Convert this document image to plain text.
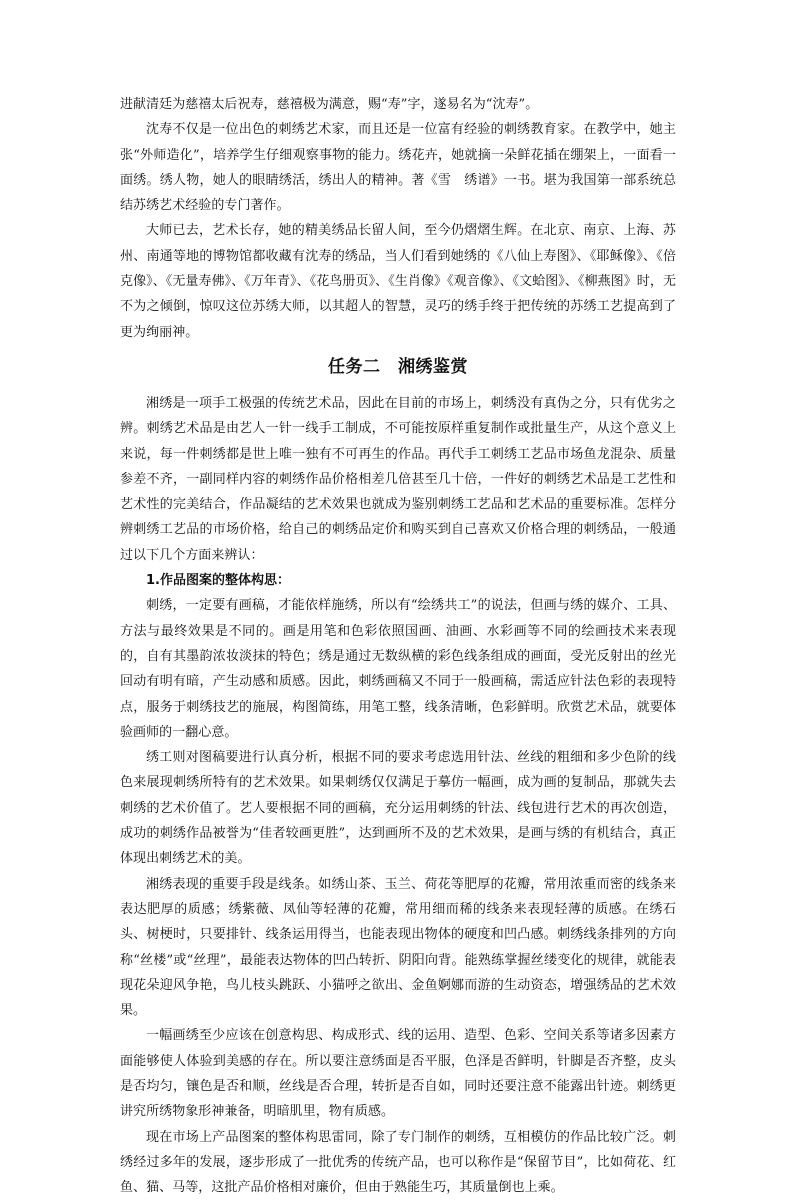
进献清廷为慈禧太后祝寿，慈禧极为满意，赐“寿”字，遂易名为“沈寿”。

沈寿不仅是一位出色的刺绣艺术家，而且还是一位富有经验的刺绣教育家。在教学中，她主张“外师造化”，培养学生仔细观察事物的能力。绣花卉，她就摘一朵鲜花插在绷架上，一面看一面绣。绣人物，她人的眼睛绣活，绣出人的精神。著《雪　绣谱》一书。堪为我国第一部系统总结苏绣艺术经验的专门著作。

大师已去，艺术长存，她的精美绣品长留人间，至今仍熠熠生辉。在北京、南京、上海、苏州、南通等地的博物馆都收藏有沈寿的绣品，当人们看到她绣的《八仙上寿图》、《耶稣像》、《倍克像》、《无量寿佛》、《万年青》、《花鸟册页》、《生肖像》《观音像》、《文蛤图》、《柳燕图》时，无不为之倾倒，惊叹这位苏绣大师，以其超人的智慧，灵巧的绣手终于把传统的苏绣工艺提高到了更为绚丽神。

任务二　湘绣鉴赏

湘绣是一项手工极强的传统艺术品，因此在目前的市场上，刺绣没有真伪之分，只有优劣之辨。刺绣艺术品是由艺人一针一线手工制成，不可能按原样重复制作或批量生产，从这个意义上来说，每一件刺绣都是世上唯一独有不可再生的作品。再代手工刺绣工艺品市场鱼龙混杂、质量参差不齐，一副同样内容的刺绣作品价格相差几倍甚至几十倍，一件好的刺绣艺术品是工艺性和艺术性的完美结合，作品凝结的艺术效果也就成为鉴别刺绣工艺品和艺术品的重要标准。怎样分辨刺绣工艺品的市场价格，给自己的刺绣品定价和购买到自己喜欢又价格合理的刺绣品，一般通过以下几个方面来辨认：

1.作品图案的整体构思：

刺绣，一定要有画稿，才能依样施绣，所以有“绘绣共工”的说法，但画与绣的媒介、工具、方法与最终效果是不同的。画是用笔和色彩依照国画、油画、水彩画等不同的绘画技术来表现的，自有其墨韵浓妆淡抹的特色；绣是通过无数纵横的彩色线条组成的画面，受光反射出的丝光回动有明有暗，产生动感和质感。因此，刺绣画稿又不同于一般画稿，需适应针法色彩的表现特点，服务于刺绣技艺的施展，构图简练，用笔工整，线条清晰，色彩鲜明。欣赏艺术品，就要体验画师的一翻心意。

绣工则对图稿要进行认真分析，根据不同的要求考虑选用针法、丝线的粗细和多少色阶的线色来展现刺绣所特有的艺术效果。如果刺绣仅仅满足于摹仿一幅画，成为画的复制品，那就失去刺绣的艺术价值了。艺人要根据不同的画稿，充分运用刺绣的针法、线包进行艺术的再次创造，成功的刺绣作品被誉为“佳者较画更胜”，达到画所不及的艺术效果，是画与绣的有机结合，真正体现出刺绣艺术的美。

湘绣表现的重要手段是线条。如绣山茶、玉兰、荷花等肥厚的花瓣，常用浓重而密的线条来表达肥厚的质感；绣紫薇、凤仙等轻薄的花瓣，常用细而稀的线条来表现轻薄的质感。在绣石头、树梗时，只要排针、线条运用得当，也能表现出物体的硬度和凹凸感。刺绣线条排列的方向称“丝楼”或“丝理”，最能表达物体的凹凸转折、阴阳向背。能熟练掌握丝缕变化的规律，就能表现花朵迎风争艳，鸟儿枝头跳跃、小猫呼之欲出、金鱼婀娜而游的生动资态，增强绣品的艺术效果。

一幅画绣至少应该在创意构思、构成形式、线的运用、造型、色彩、空间关系等诸多因素方面能够使人体验到美感的存在。所以要注意绣面是否平服，色泽是否鲜明，针脚是否齐整，皮头是否均匀，镶色是否和顺，丝线是否合理，转折是否自如，同时还要注意不能露出针迹。刺绣更讲究所绣物象形神兼备，明暗肌里，物有质感。

现在市场上产品图案的整体构思雷同，除了专门制作的刺绣，互相模仿的作品比较广泛。刺绣经过多年的发展，逐步形成了一批优秀的传统产品，也可以称作是“保留节目”，比如荷花、红鱼、猫、马等，这批产品价格相对廉价，但由于熟能生巧，其质量倒也上乘。
